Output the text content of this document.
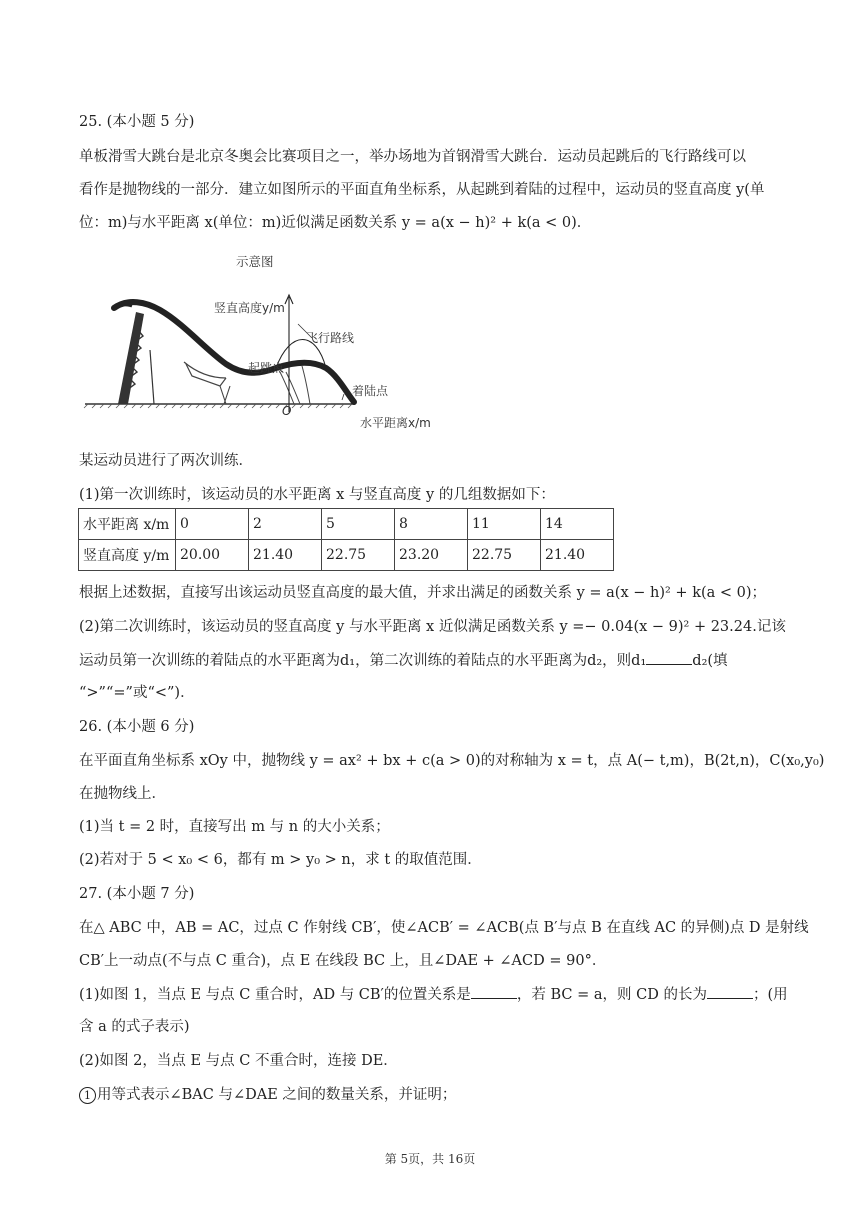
25. (本小题 5 分)
单板滑雪大跳台是北京冬奥会比赛项目之一，举办场地为首钢滑雪大跳台．运动员起跳后的飞行路线可以
看作是抛物线的一部分．建立如图所示的平面直角坐标系，从起跳到着陆的过程中，运动员的竖直高度 y(单
位：m)与水平距离 x(单位：m)近似满足函数关系 y = a(x − h)² + k(a < 0)．
示意图
竖直高度y/m
飞行路线
起跳点
着陆点
O
水平距离x/m
某运动员进行了两次训练．
(1)第一次训练时，该运动员的水平距离 x 与竖直高度 y 的几组数据如下：
水平距离 x/m	0	2	5	8	11	14
竖直高度 y/m	20.00	21.40	22.75	23.20	22.75	21.40
根据上述数据，直接写出该运动员竖直高度的最大值，并求出满足的函数关系 y = a(x − h)² + k(a < 0)；
(2)第二次训练时，该运动员的竖直高度 y 与水平距离 x 近似满足函数关系 y =− 0.04(x − 9)² + 23.24.记该
运动员第一次训练的着陆点的水平距离为d₁，第二次训练的着陆点的水平距离为d₂，则d₁	d₂(填
“>”“=”或“<”)．
26. (本小题 6 分)
在平面直角坐标系 xOy 中，抛物线 y = ax² + bx + c(a > 0)的对称轴为 x = t，点 A(− t,m)，B(2t,n)，C(x₀,y₀)
在抛物线上．
(1)当 t = 2 时，直接写出 m 与 n 的大小关系；
(2)若对于 5 < x₀ < 6，都有 m > y₀ > n，求 t 的取值范围．
27. (本小题 7 分)
在△ ABC 中，AB = AC，过点 C 作射线 CB′，使∠ACB′ = ∠ACB(点 B′与点 B 在直线 AC 的异侧)点 D 是射线
CB′上一动点(不与点 C 重合)，点 E 在线段 BC 上，且∠DAE + ∠ACD = 90°．
(1)如图 1，当点 E 与点 C 重合时，AD 与 CB′的位置关系是	，若 BC = a，则 CD 的长为	；(用
含 a 的式子表示)
(2)如图 2，当点 E 与点 C 不重合时，连接 DE．
1 用等式表示∠BAC 与∠DAE 之间的数量关系，并证明；
第 5页，共 16页
